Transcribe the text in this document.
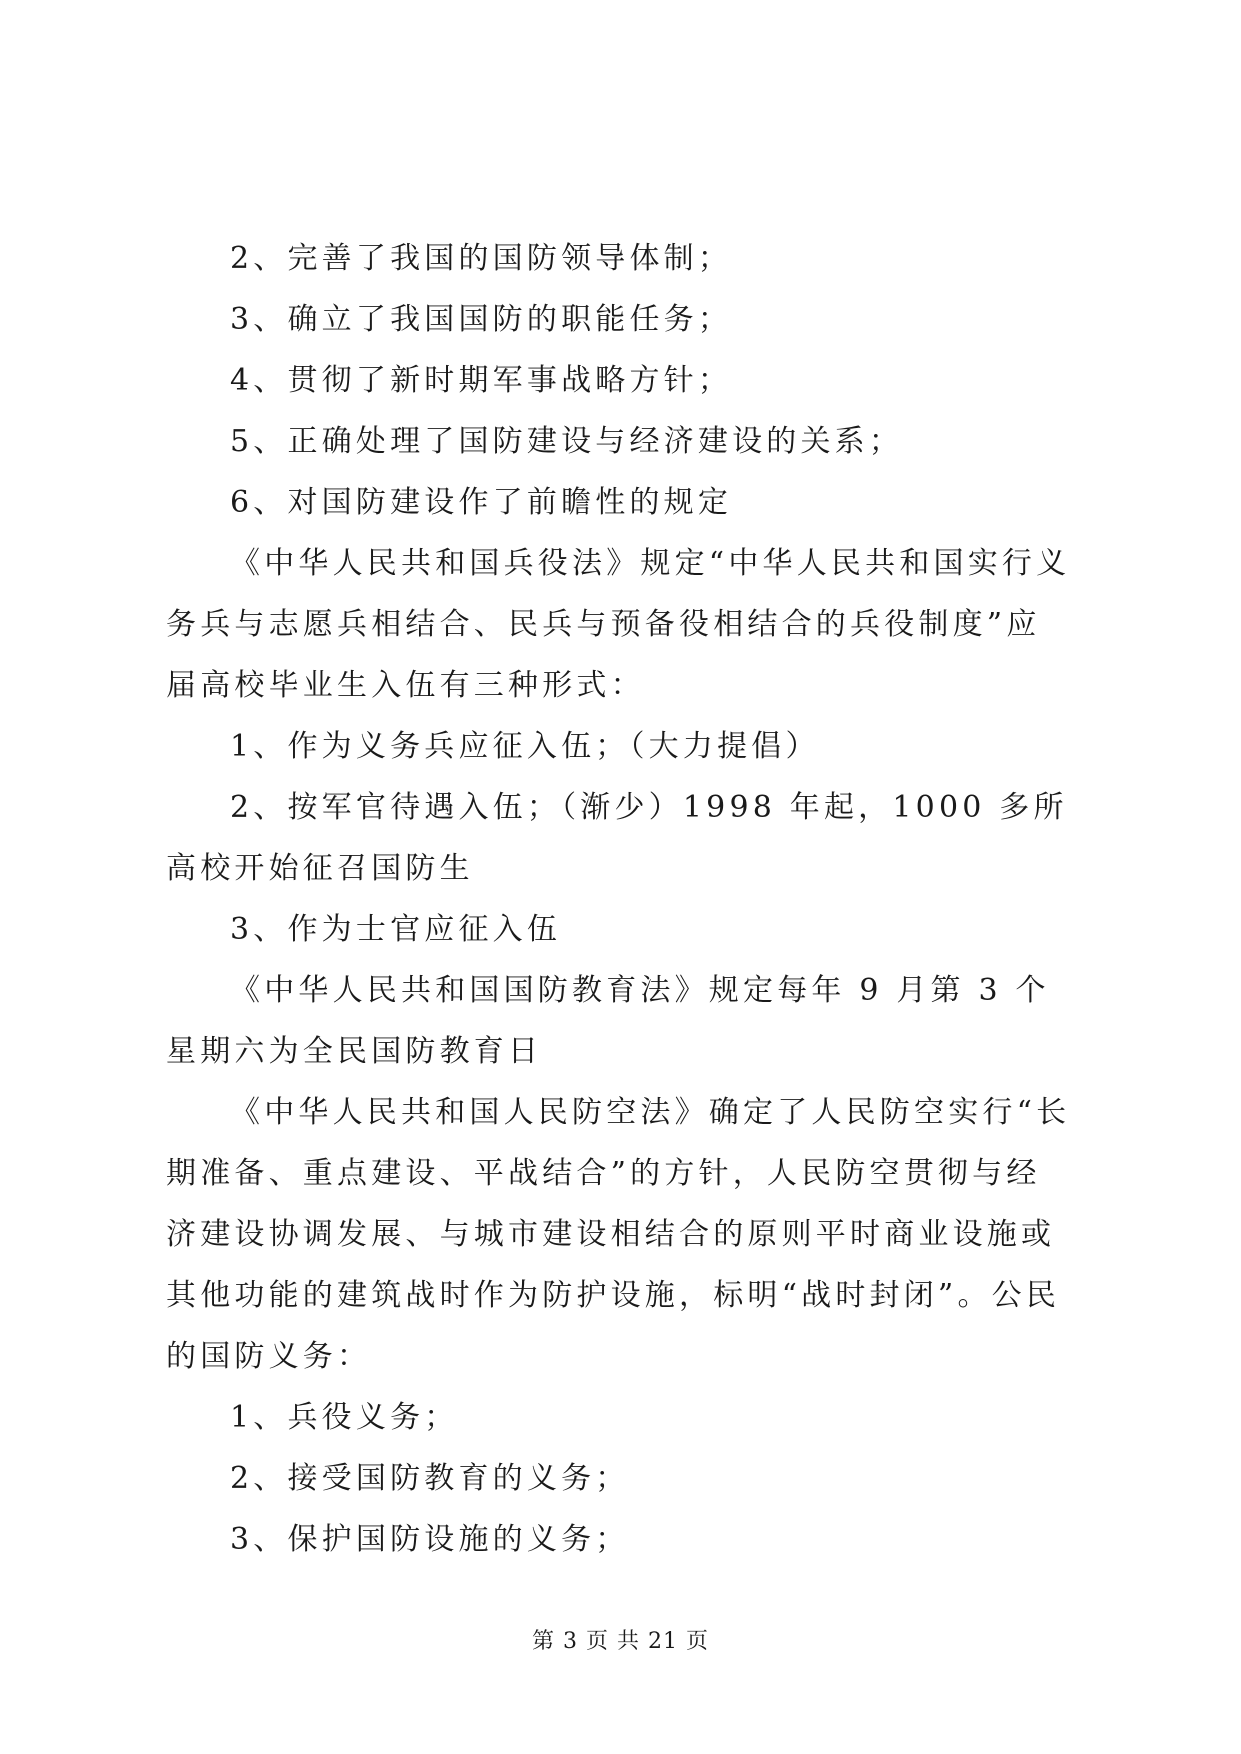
2、完善了我国的国防领导体制；

3、确立了我国国防的职能任务；

4、贯彻了新时期军事战略方针；

5、正确处理了国防建设与经济建设的关系；

6、对国防建设作了前瞻性的规定

《中华人民共和国兵役法》规定“中华人民共和国实行义务兵与志愿兵相结合、民兵与预备役相结合的兵役制度”应届高校毕业生入伍有三种形式：

1、作为义务兵应征入伍；（大力提倡）

2、按军官待遇入伍；（渐少）1998 年起，1000 多所高校开始征召国防生

3、作为士官应征入伍

《中华人民共和国国防教育法》规定每年 9 月第 3 个星期六为全民国防教育日

《中华人民共和国人民防空法》确定了人民防空实行“长期准备、重点建设、平战结合”的方针，人民防空贯彻与经济建设协调发展、与城市建设相结合的原则平时商业设施或其他功能的建筑战时作为防护设施，标明“战时封闭”。公民的国防义务：

1、兵役义务；

2、接受国防教育的义务；

3、保护国防设施的义务；

第 3 页 共 21 页
